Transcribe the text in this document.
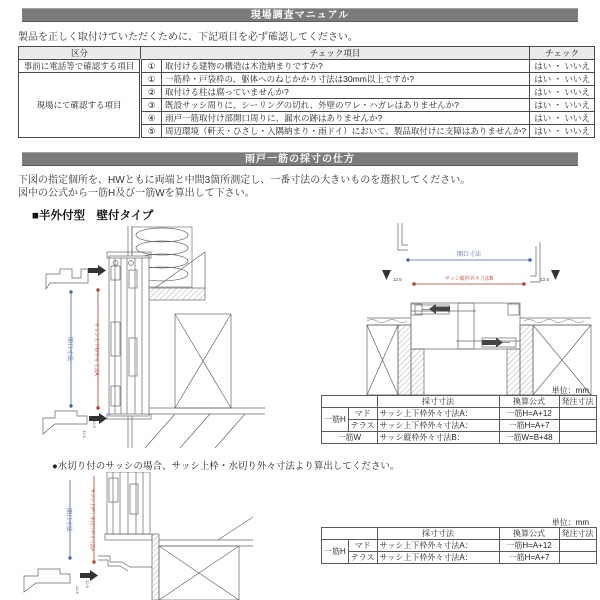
現場調査マニュアル
製品を正しく取付けていただくために、下記項目を必ず確認してください。
区分	チェック項目		チェック
事前に電話等で確認する項目	①	取付ける建物の構造は木造納まりですか?	はい ・ いいえ
現場にて確認する項目	①	一筋枠・戸袋枠の、躯体へのねじかかり寸法は30mm以上ですか?	はい ・ いいえ
	②	取付ける柱は腐っていませんか?	はい ・ いいえ
	③	既設サッシ周りに、シーリングの切れ、外壁のワレ・ハガレはありませんか?	はい ・ いいえ
	④	雨戸一筋取付け部開口周りに、漏水の跡はありませんか?	はい ・ いいえ
	⑤	周辺環境（軒天・ひさし・入隅納まり・雨ドイ）において、製品取付けに支障はありませんか?	はい ・ いいえ
雨戸一筋の採寸の仕方
下図の指定個所を、HWともに両端と中間3箇所測定し、一番寸法の大きいものを選択してください。
図中の公式から一筋H及び一筋Wを算出して下さい。
■半外付型　壁付タイプ
開口寸法	サッシ上下枠外々寸法A
12.5
12.5
開口寸法
サッシ縦枠外々寸法B
12.5	12.5
単位：mm
		採寸寸法	換算公式	発注寸法
一筋H	マド	サッシ上下枠外々寸法A：	一筋H=A+12	
	テラス	サッシ上下枠外々寸法A：	一筋H=A+7	
一筋W		サッシ縦枠外々寸法B：	一筋W=B+48	
●水切り付のサッシの場合、サッシ上枠・水切り外々寸法より算出してください。
開口寸法	サッシ上枠・水切り外々寸法A
12.5
12.5
単位：mm
		採寸寸法	換算公式	発注寸法
一筋H	マド	サッシ上下枠外々寸法A：	一筋H=A+12	
	テラス	サッシ上下枠外々寸法A：	一筋H=A+7	
